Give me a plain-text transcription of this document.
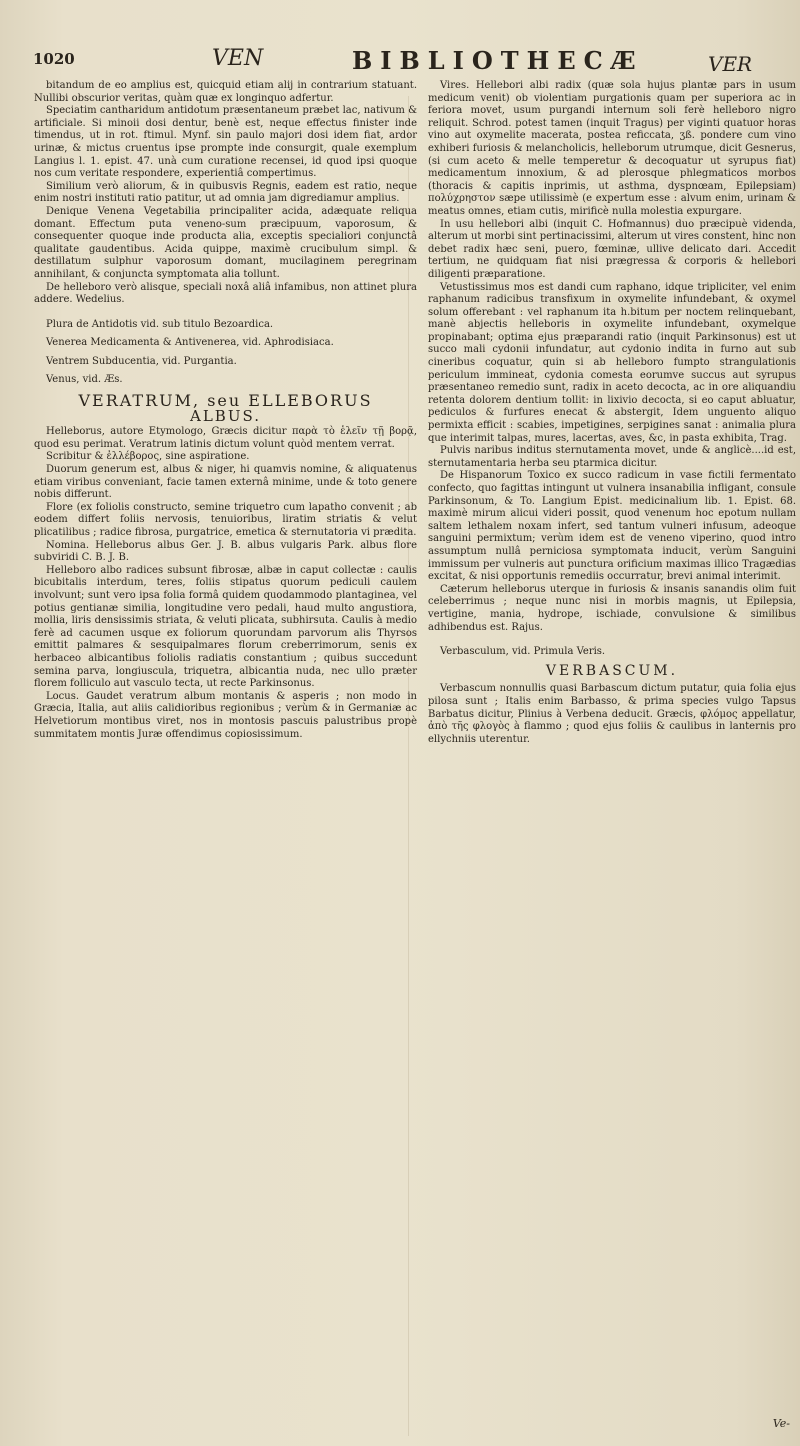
1020	VEN	BIBLIOTHECÆ	VER

bitandum de eo amplius est, quicquid etiam alij in contrarium statuant. Nullibi obscurior veritas, quàm quæ ex longinquo adfertur.

Speciatim cantharidum antidotum præsentaneum præbet lac, nativum & artificiale. Si minoii dosi dentur, benè est, neque effectus finister inde timendus, ut in rot. ftimul. Mynf. sin paulo majori dosi idem fiat, ardor urinæ, & mictus cruentus ipse prompte inde consurgit, quale exemplum Langius l. 1. epist. 47. unà cum curatione recensei, id quod ipsi quoque nos cum veritate respondere, experientiâ compertimus.

Similium verò aliorum, & in quibusvis Regnis, eadem est ratio, neque enim nostri instituti ratio patitur, ut ad omnia jam digrediamur amplius.

Denique Venena Vegetabilia principaliter acida, adæquate reliqua domant. Effectum puta veneno-sum præcipuum, vaporosum, & consequenter quoque inde producta alia, exceptis specialiori conjunctâ qualitate gaudentibus. Acida quippe, maximè crucibulum simpl. & destillatum sulphur vaporosum domant, mucilaginem peregrinam annihilant, & conjuncta symptomata alia tollunt.

De helleboro verò alisque, speciali noxâ aliâ infamibus, non attinet plura addere. Wedelius.

Plura de Antidotis vid. sub titulo Bezoardica.

Venerea Medicamenta & Antivenerea, vid. Aphrodisiaca.

Ventrem Subducentia, vid. Purgantia.

Venus, vid. Æs.

VERATRUM, seu ELLEBORUS

ALBUS.

Helleborus, autore Etymologo, Græcis dicitur παρὰ τὸ ἑλεῖν τῇ βορᾷ, quod esu perimat. Veratrum latinis dictum volunt quòd mentem verrat.

Scribitur & ἐλλέβορος, sine aspiratione.

Duorum generum est, albus & niger, hi quamvis nomine, & aliquatenus etiam viribus conveniant, facie tamen externâ minime, unde & toto genere nobis differunt.

Flore (ex foliolis constructo, semine triquetro cum lapatho convenit ; ab eodem differt foliis nervosis, tenuioribus, liratim striatis & velut plicatilibus ; radice fibrosa, purgatrice, emetica & sternutatoria vi prædita.

Nomina. Helleborus albus Ger. J. B. albus vulgaris Park. albus flore subviridi C. B. J. B.

Helleboro albo radices subsunt fibrosæ, albæ in caput collectæ : caulis bicubitalis interdum, teres, foliis stipatus quorum pediculi caulem involvunt; sunt vero ipsa folia formâ quidem quodammodo plantaginea, vel potius gentianæ similia, longitudine vero pedali, haud multo angustiora, mollia, liris densissimis striata, & veluti plicata, subhirsuta. Caulis à medio ferè ad cacumen usque ex foliorum quorundam parvorum alis Thyrsos emittit palmares & sesquipalmares florum creberrimorum, senis ex herbaceo albicantibus foliolis radiatis constantium ; quibus succedunt semina parva, longiuscula, triquetra, albicantia nuda, nec ullo præter florem folliculo aut vasculo tecta, ut recte Parkinsonus.

Locus. Gaudet veratrum album montanis & asperis ; non modo in Græcia, Italia, aut aliis calidioribus regionibus ; verùm & in Germaniæ ac Helvetiorum montibus viret, nos in montosis pascuis palustribus propè summitatem montis Juræ offendimus copiosissimum.

Vires. Hellebori albi radix (quæ sola hujus plantæ pars in usum medicum venit) ob violentiam purgationis quam per superiora ac in feriora movet, usum purgandi internum soli ferè helleboro nigro reliquit. Schrod. potest tamen (inquit Tragus) per viginti quatuor horas vino aut oxymelite macerata, postea reficcata, ʒß. pondere cum vino exhiberi furiosis & melancholicis, helleborum utrumque, dicit Gesnerus, (si cum aceto & melle temperetur & decoquatur ut syrupus fiat) medicamentum innoxium, & ad plerosque phlegmaticos morbos (thoracis & capitis inprimis, ut asthma, dyspnœam, Epilepsiam) πολύχρηστον sæpe utilissimè (e expertum esse : alvum enim, urinam & meatus omnes, etiam cutis, mirificè nulla molestia expurgare.

In usu hellebori albi (inquit C. Hofmannus) duo præcipuè videnda, alterum ut morbi sint pertinacissimi, alterum ut vires constent, hinc non debet radix hæc seni, puero, fœminæ, ullive delicato dari. Accedit tertium, ne quidquam fiat nisi prægressa & corporis & hellebori diligenti præparatione.

Vetustissimus mos est dandi cum raphano, idque tripliciter, vel enim raphanum radicibus transfixum in oxymelite infundebant, & oxymel solum offerebant : vel raphanum ita h.bitum per noctem relinquebant, manè abjectis helleboris in oxymelite infundebant, oxymelque propinabant; optima ejus præparandi ratio (inquit Parkinsonus) est ut succo mali cydonii infundatur, aut cydonio indita in furno aut sub cineribus coquatur, quin si ab helleboro fumpto strangulationis periculum immineat, cydonia comesta eorumve succus aut syrupus præsentaneo remedio sunt, radix in aceto decocta, ac in ore aliquandiu retenta dolorem dentium tollit: in lixivio decocta, si eo caput abluatur, pediculos & furfures enecat & abstergit, Idem unguento aliquo permixta efficit : scabies, impetigines, serpigines sanat : animalia plura que interimit talpas, mures, lacertas, aves, &c, in pasta exhibita, Trag.

Pulvis naribus inditus sternutamenta movet, unde & anglicè....id est, sternutamentaria herba seu ptarmica dicitur.

De Hispanorum Toxico ex succo radicum in vase fictili fermentato confecto, quo fagittas intingunt ut vulnera insanabilia infligant, consule Parkinsonum, & To. Langium Epist. medicinalium lib. 1. Epist. 68. maximè mirum alicui videri possit, quod venenum hoc epotum nullam saltem lethalem noxam infert, sed tantum vulneri infusum, adeoque sanguini permixtum; verùm idem est de veneno viperino, quod intro assumptum nullâ perniciosa symptomata inducit, verùm Sanguini immissum per vulneris aut punctura orificium maximas illico Tragædias excitat, & nisi opportunis remediis occurratur, brevi animal interimit.

Cæterum helleborus uterque in furiosis & insanis sanandis olim fuit celeberrimus ; neque nunc nisi in morbis magnis, ut Epilepsia, vertigine, mania, hydrope, ischiade, convulsione & similibus adhibendus est. Rajus.

Verbasculum, vid. Primula Veris.

VERBASCUM.

Verbascum nonnullis quasi Barbascum dictum putatur, quia folia ejus pilosa sunt ; Italis enim Barbasso, & prima species vulgo Tapsus Barbatus dicitur, Plinius à Verbena deducit. Græcis, φλόμος appellatur, ἀπὸ τῆς φλογὸς à flammo ; quod ejus foliis & caulibus in lanternis pro ellychniis uterentur.

Ve-
